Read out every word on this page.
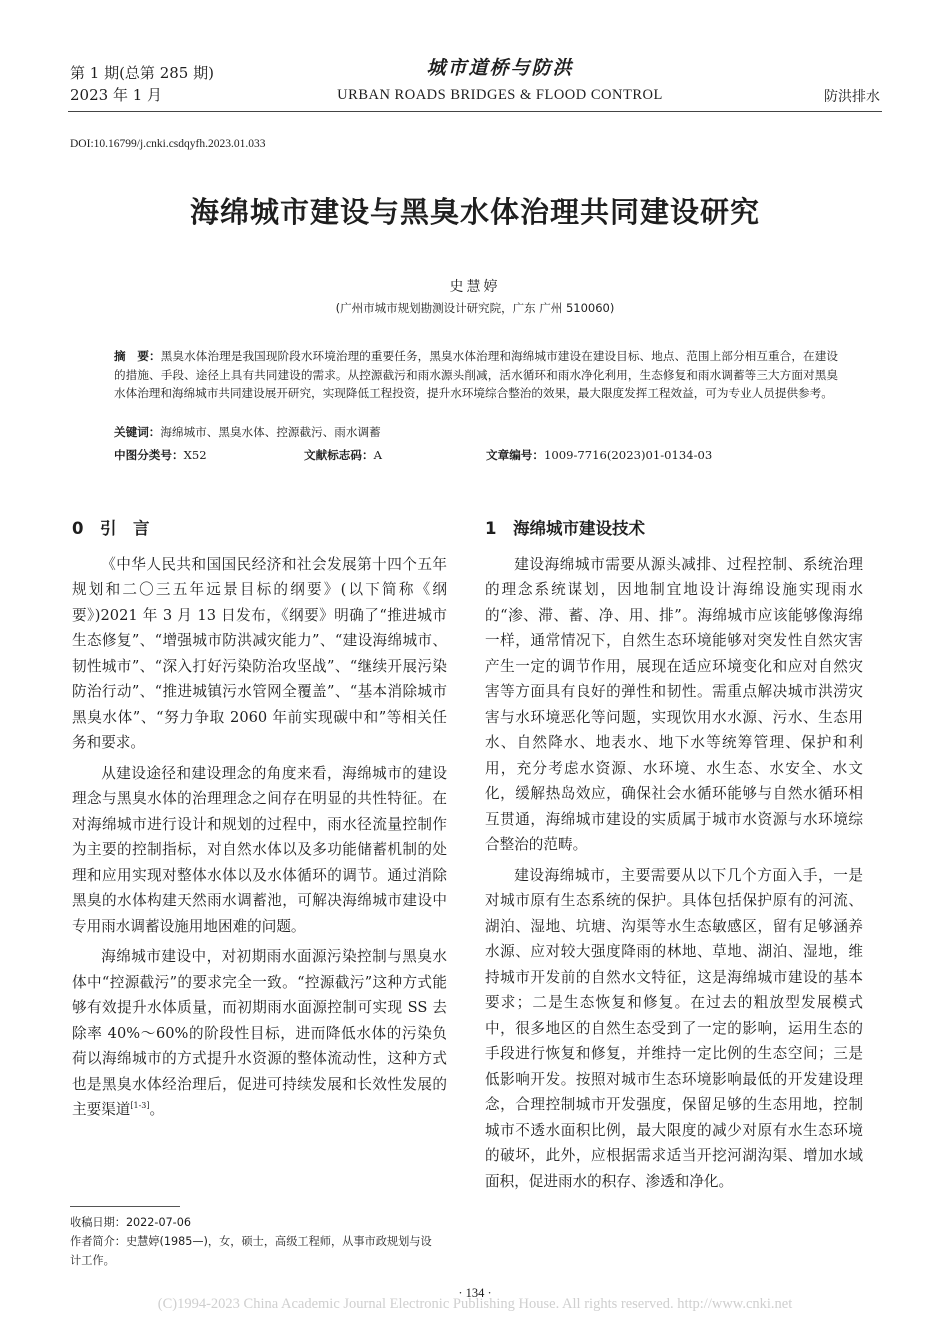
第 1 期(总第 285 期)
2023 年 1 月
城市道桥与防洪
URBAN ROADS BRIDGES & FLOOD CONTROL	防洪排水
DOI:10.16799/j.cnki.csdqyfh.2023.01.033
海绵城市建设与黑臭水体治理共同建设研究
史慧婷
(广州市城市规划勘测设计研究院，广东 广州 510060)
摘　要：黑臭水体治理是我国现阶段水环境治理的重要任务，黑臭水体治理和海绵城市建设在建设目标、地点、范围上部分相互重合，在建设的措施、手段、途径上具有共同建设的需求。从控源截污和雨水源头削减，活水循环和雨水净化利用，生态修复和雨水调蓄等三大方面对黑臭水体治理和海绵城市共同建设展开研究，实现降低工程投资，提升水环境综合整治的效果，最大限度发挥工程效益，可为专业人员提供参考。
关键词：海绵城市、黑臭水体、控源截污、雨水调蓄
中图分类号：X52	文献标志码：A	文章编号：1009-7716(2023)01-0134-03
0　引　言

《中华人民共和国国民经济和社会发展第十四个五年规划和二〇三五年远景目标的纲要》(以下简称《纲要》)2021 年 3 月 13 日发布，《纲要》明确了“推进城市生态修复”、“增强城市防洪减灾能力”、“建设海绵城市、韧性城市”、“深入打好污染防治攻坚战”、“继续开展污染防治行动”、“推进城镇污水管网全覆盖”、“基本消除城市黑臭水体”、“努力争取 2060 年前实现碳中和”等相关任务和要求。

从建设途径和建设理念的角度来看，海绵城市的建设理念与黑臭水体的治理理念之间存在明显的共性特征。在对海绵城市进行设计和规划的过程中，雨水径流量控制作为主要的控制指标，对自然水体以及多功能储蓄机制的处理和应用实现对整体水体以及水体循环的调节。通过消除黑臭的水体构建天然雨水调蓄池，可解决海绵城市建设中专用雨水调蓄设施用地困难的问题。

海绵城市建设中，对初期雨水面源污染控制与黑臭水体中“控源截污”的要求完全一致。“控源截污”这种方式能够有效提升水体质量，而初期雨水面源控制可实现 SS 去除率 40%～60%的阶段性目标，进而降低水体的污染负荷以海绵城市的方式提升水资源的整体流动性，这种方式也是黑臭水体经治理后，促进可持续发展和长效性发展的主要渠道[1-3]。

1　海绵城市建设技术

建设海绵城市需要从源头减排、过程控制、系统治理的理念系统谋划，因地制宜地设计海绵设施实现雨水的“渗、滞、蓄、净、用、排”。海绵城市应该能够像海绵一样，通常情况下，自然生态环境能够对突发性自然灾害产生一定的调节作用，展现在适应环境变化和应对自然灾害等方面具有良好的弹性和韧性。需重点解决城市洪涝灾害与水环境恶化等问题，实现饮用水水源、污水、生态用水、自然降水、地表水、地下水等统筹管理、保护和利用，充分考虑水资源、水环境、水生态、水安全、水文化，缓解热岛效应，确保社会水循环能够与自然水循环相互贯通，海绵城市建设的实质属于城市水资源与水环境综合整治的范畴。

建设海绵城市，主要需要从以下几个方面入手，一是对城市原有生态系统的保护。具体包括保护原有的河流、湖泊、湿地、坑塘、沟渠等水生态敏感区，留有足够涵养水源、应对较大强度降雨的林地、草地、湖泊、湿地，维持城市开发前的自然水文特征，这是海绵城市建设的基本要求；二是生态恢复和修复。在过去的粗放型发展模式中，很多地区的自然生态受到了一定的影响，运用生态的手段进行恢复和修复，并维持一定比例的生态空间；三是低影响开发。按照对城市生态环境影响最低的开发建设理念，合理控制城市开发强度，保留足够的生态用地，控制城市不透水面积比例，最大限度的减少对原有水生态环境的破坏，此外，应根据需求适当开挖河湖沟渠、增加水域面积，促进雨水的积存、渗透和净化。

收稿日期：2022-07-06
作者简介：史慧婷(1985—)，女，硕士，高级工程师，从事市政规划与设计工作。
· 134 ·
(C)1994-2023 China Academic Journal Electronic Publishing House. All rights reserved. http://www.cnki.net
